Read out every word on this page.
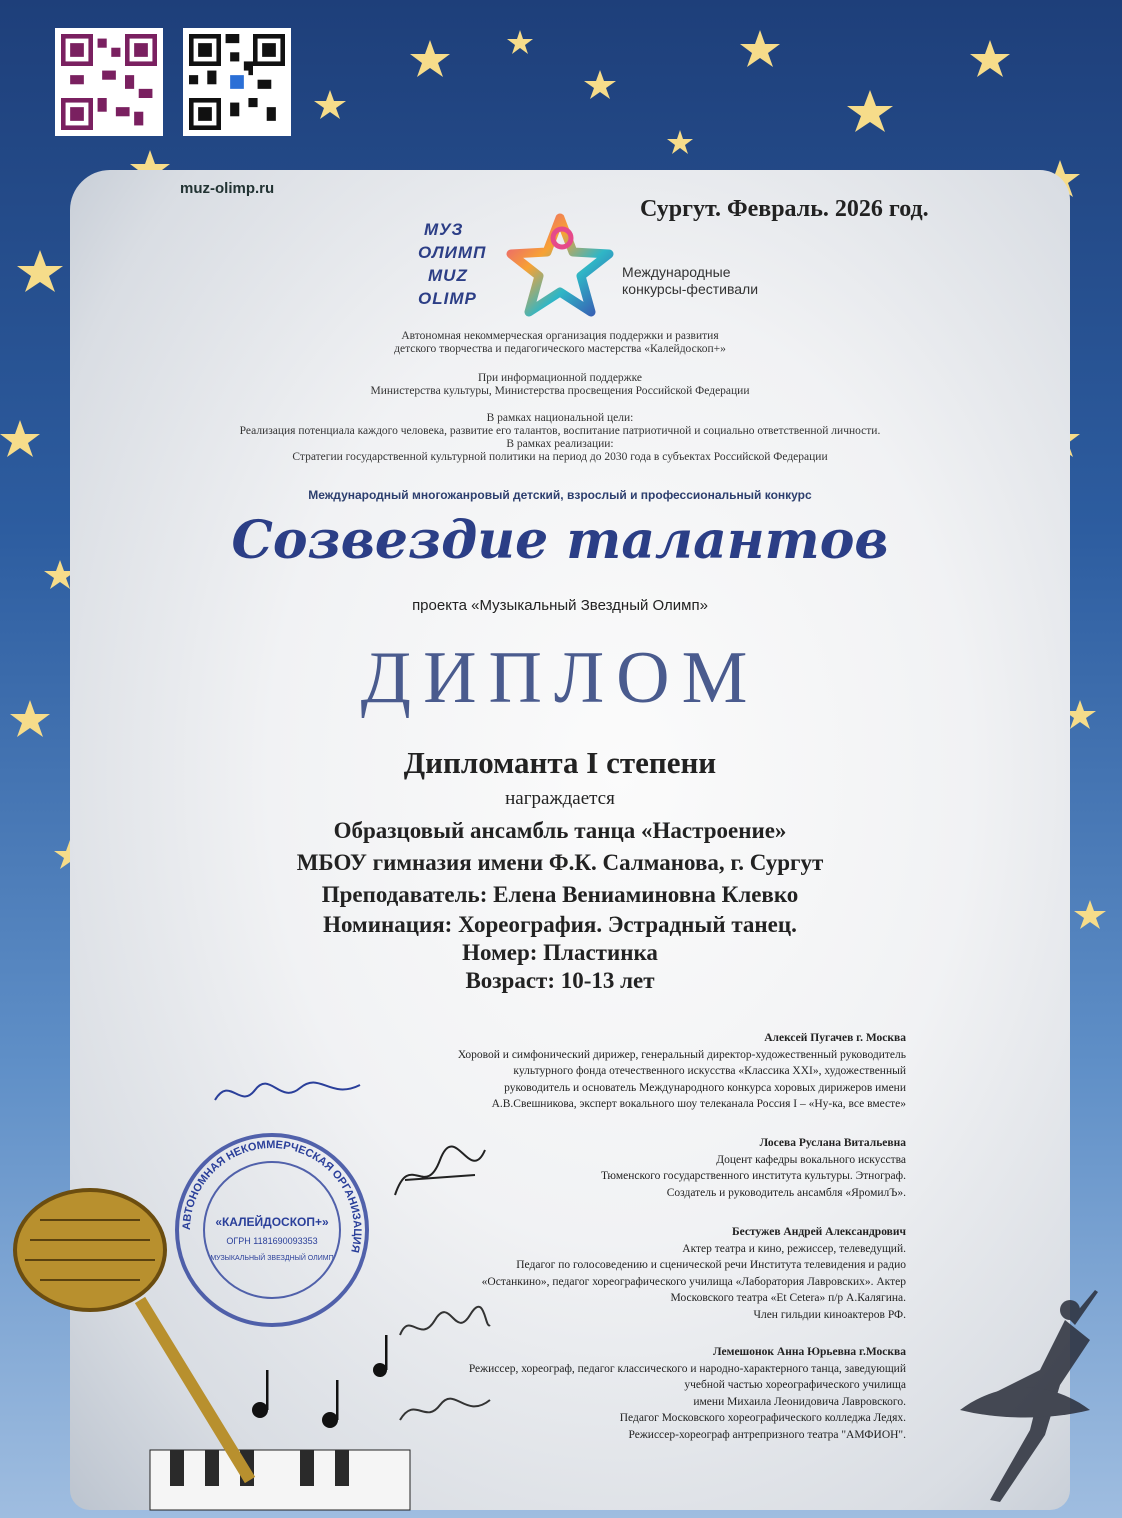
muz-olimp.ru
Сургут. Февраль. 2026 год.
МУЗ
ОЛИМП
MUZ
OLIMP
Международные
конкурсы-фестивали
Автономная некоммерческая организация поддержки и развития
детского творчества и педагогического мастерства «Калейдоскоп+»
При информационной поддержке
Министерства культуры, Министерства просвещения Российской Федерации
В рамках национальной цели:
Реализация потенциала каждого человека, развитие его талантов, воспитание патриотичной и социально ответственной личности.
В рамках реализации:
Стратегии государственной культурной политики на период до 2030 года в субъектах Российской Федерации
Международный многожанровый детский, взрослый и профессиональный конкурс
Созвездие талантов
проекта «Музыкальный Звездный Олимп»
ДИПЛОМ
Дипломанта I степени
награждается
Образцовый ансамбль танца «Настроение»
МБОУ гимназия имени Ф.К. Салманова, г. Сургут
Преподаватель: Елена Вениаминовна Клевко
Номинация: Хореография. Эстрадный танец.
Номер: Пластинка
Возраст: 10-13 лет
Алексей Пугачев г. Москва
Хоровой и симфонический дирижер, генеральный директор-художественный руководитель
культурного фонда отечественного искусства «Классика XXI», художественный
руководитель и основатель Международного конкурса хоровых дирижеров имени
А.В.Свешникова, эксперт вокального шоу телеканала Россия I – «Ну-ка, все вместе»
Лосева Руслана Витальевна
Доцент кафедры вокального искусства
Тюменского государственного института культуры. Этнограф.
Создатель и руководитель ансамбля «ЯромилЪ».
Бестужев Андрей Александрович
Актер театра и кино, режиссер, телеведущий.
Педагог по голосоведению и сценической речи Института телевидения и радио
«Останкино», педагог хореографического училища «Лаборатория Лавровских». Актер
Московского театра «Et Cetera» п/р А.Калягина.
Член гильдии киноактеров РФ.
Лемешонок Анна Юрьевна г.Москва
Режиссер, хореограф, педагог классического и народно-характерного танца, заведующий
учебной частью хореографического училища
имени Михаила Леонидовича Лавровского.
Педагог Московского хореографического колледжа Ледях.
Режиссер-хореограф антрепризного театра "АМФИОН".
АВТОНОМНАЯ НЕКОММЕРЧЕСКАЯ ОРГАНИЗАЦИЯ
«КАЛЕЙДОСКОП+»
ОГРН 1181690093353
МУЗЫКАЛЬНЫЙ ЗВЕЗДНЫЙ ОЛИМП
